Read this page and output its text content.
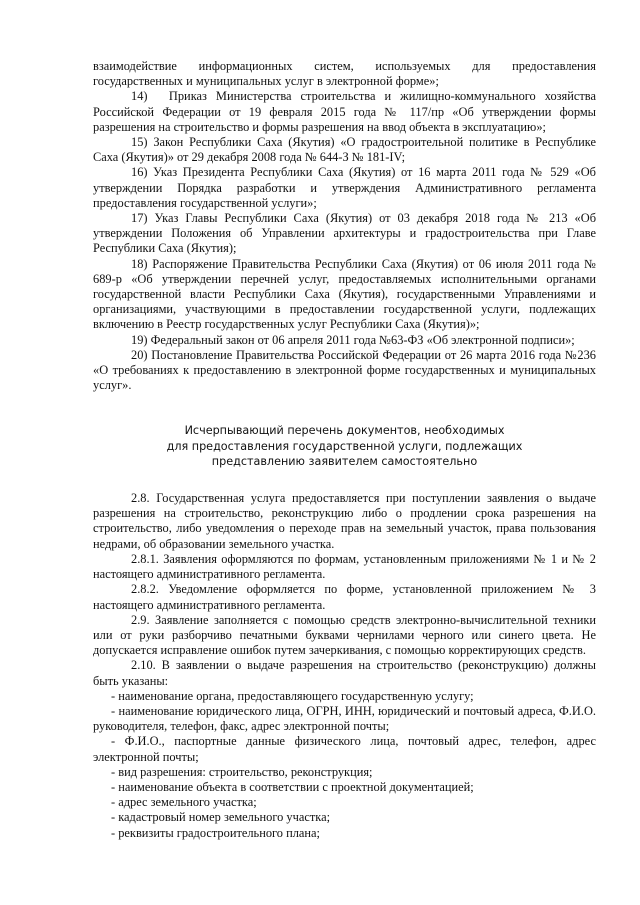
взаимодействие информационных систем, используемых для предоставления государственных и муниципальных услуг в электронной форме»;

14)  Приказ Министерства строительства и жилищно-коммунального хозяйства Российской Федерации от 19 февраля 2015 года № 117/пр «Об утверждении формы разрешения на строительство и формы разрешения на ввод объекта в эксплуатацию»;

15) Закон Республики Саха (Якутия) «О градостроительной политике в Республике Саха (Якутия)» от 29 декабря 2008 года № 644-З № 181-IV;

16) Указ Президента Республики Саха (Якутия) от 16 марта 2011 года № 529 «Об утверждении Порядка разработки и утверждения Административного регламента предоставления государственной услуги»;

17) Указ Главы Республики Саха (Якутия) от 03 декабря 2018 года № 213 «Об утверждении Положения об Управлении архитектуры и градостроительства при Главе Республики Саха (Якутия);

18) Распоряжение Правительства Республики Саха (Якутия) от 06 июля 2011 года № 689-р «Об утверждении перечней услуг, предоставляемых исполнительными органами государственной власти Республики Саха (Якутия), государственными Управлениями и организациями, участвующими в предоставлении государственной услуги, подлежащих включению в Реестр государственных услуг Республики Саха (Якутия)»;

19) Федеральный закон от 06 апреля 2011 года №63-ФЗ «Об электронной подписи»;

20) Постановление Правительства Российской Федерации от 26 марта 2016 года №236 «О требованиях к предоставлению в электронной форме государственных и муниципальных услуг».

Исчерпывающий перечень документов, необходимых
для предоставления государственной услуги, подлежащих
представлению заявителем самостоятельно

2.8. Государственная услуга предоставляется при поступлении заявления о выдаче разрешения на строительство, реконструкцию либо о продлении срока разрешения на строительство, либо уведомления о переходе прав на земельный участок, права пользования недрами, об образовании земельного участка.

2.8.1. Заявления оформляются по формам, установленным приложениями № 1 и № 2 настоящего административного регламента.

2.8.2. Уведомление оформляется по форме, установленной приложением № 3 настоящего административного регламента.

2.9. Заявление заполняется с помощью средств электронно-вычислительной техники или от руки разборчиво печатными буквами чернилами черного или синего цвета. Не допускается исправление ошибок путем зачеркивания, с помощью корректирующих средств.

2.10. В заявлении о выдаче разрешения на строительство (реконструкцию) должны быть указаны:

- наименование органа, предоставляющего государственную услугу;

- наименование юридического лица, ОГРН, ИНН, юридический и почтовый адреса, Ф.И.О. руководителя, телефон, факс, адрес электронной почты;

- Ф.И.О., паспортные данные физического лица, почтовый адрес, телефон, адрес электронной почты;

- вид разрешения: строительство, реконструкция;

- наименование объекта в соответствии с проектной документацией;

- адрес земельного участка;

- кадастровый номер земельного участка;

- реквизиты градостроительного плана;
